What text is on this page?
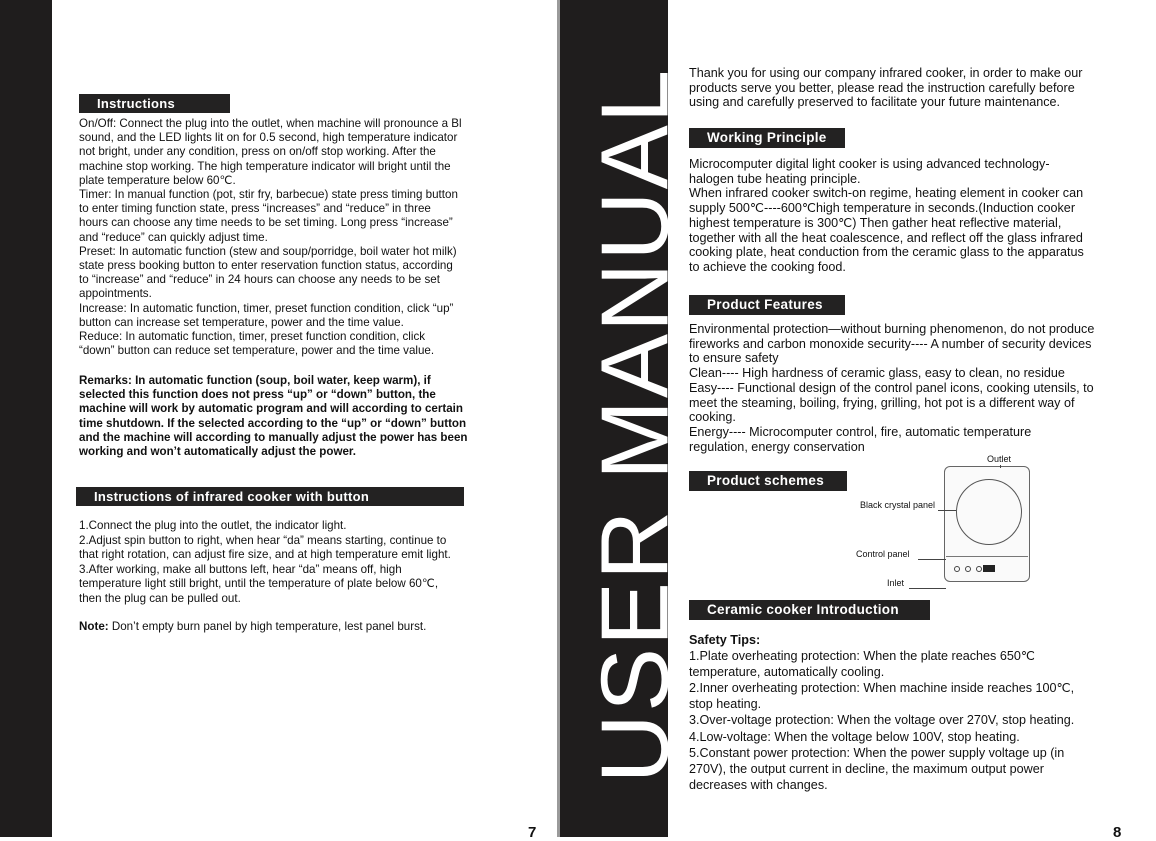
USER MANUAL
Instructions

On/Off: Connect the plug into the outlet, when machine will pronounce a Bl

sound, and the LED lights lit on for 0.5 second, high temperature indicator

not bright, under any condition, press on on/off stop working. After the

machine stop working. The high temperature indicator will bright until the

plate temperature below 60℃.

Timer: In manual function (pot, stir fry, barbecue) state press timing button

to enter timing function state, press “increases” and “reduce” in three

hours can choose any time needs to be set timing. Long press “increase”

and “reduce” can quickly adjust time.

Preset: In automatic function (stew and soup/porridge, boil water hot milk)

state press booking button to enter reservation function status, according

to “increase” and “reduce” in 24 hours can choose any needs to be set

appointments.

Increase: In automatic function, timer, preset function condition, click “up”

button can increase set temperature, power and the time value.

Reduce: In automatic function, timer, preset function condition, click

“down” button can reduce set temperature, power and the time value.

Remarks: In automatic function (soup, boil water, keep warm), if

selected this function does not press “up” or “down” button, the

machine will work by automatic program and will according to certain

time shutdown. If the selected according to the “up” or “down” button

and the machine will according to manually adjust the power has been

working and won’t automatically adjust the power.

Instructions of infrared cooker with button

1.Connect the plug into the outlet, the indicator light.

2.Adjust spin button to right, when hear “da” means starting, continue to

that right rotation, can adjust fire size, and at high temperature emit light.

3.After working, make all buttons left, hear “da” means off, high

temperature light still bright, until the temperature of plate below 60℃,

then the plug can be pulled out.

Note: Don’t empty burn panel by high temperature, lest panel burst.
7

Thank you for using our company infrared cooker, in order to make our

products serve you better, please read the instruction carefully before

using and carefully preserved to facilitate your future maintenance.

Working Principle

Microcomputer digital light cooker is using advanced technology-

halogen tube heating principle.

When infrared cooker switch-on regime, heating element in cooker can

supply 500℃----600℃high temperature in seconds.(Induction cooker

highest temperature is 300℃) Then gather heat reflective material,

together with all the heat coalescence, and reflect off the glass infrared

cooking plate, heat conduction from the ceramic glass to the apparatus

to achieve the cooking food.

Product Features

Environmental protection—without burning phenomenon, do not produce

fireworks and carbon monoxide security---- A number of security devices

to ensure safety

Clean---- High hardness of ceramic glass, easy to clean, no residue

Easy---- Functional design of the control panel icons, cooking utensils, to

meet the steaming, boiling, frying, grilling, hot pot is a different way of

cooking.

Energy---- Microcomputer control, fire, automatic temperature

regulation, energy conservation

Product schemes
Outlet
Black crystal panel
Control panel
Inlet
Ceramic cooker Introduction

Safety Tips:

1.Plate overheating protection: When the plate reaches 650℃

temperature, automatically cooling.

2.Inner overheating protection: When machine inside reaches 100℃,

stop heating.

3.Over-voltage protection: When the voltage over 270V, stop heating.

4.Low-voltage: When the voltage below 100V, stop heating.

5.Constant power protection: When the power supply voltage up (in

270V), the output current in decline, the maximum output power

decreases with changes.

8
